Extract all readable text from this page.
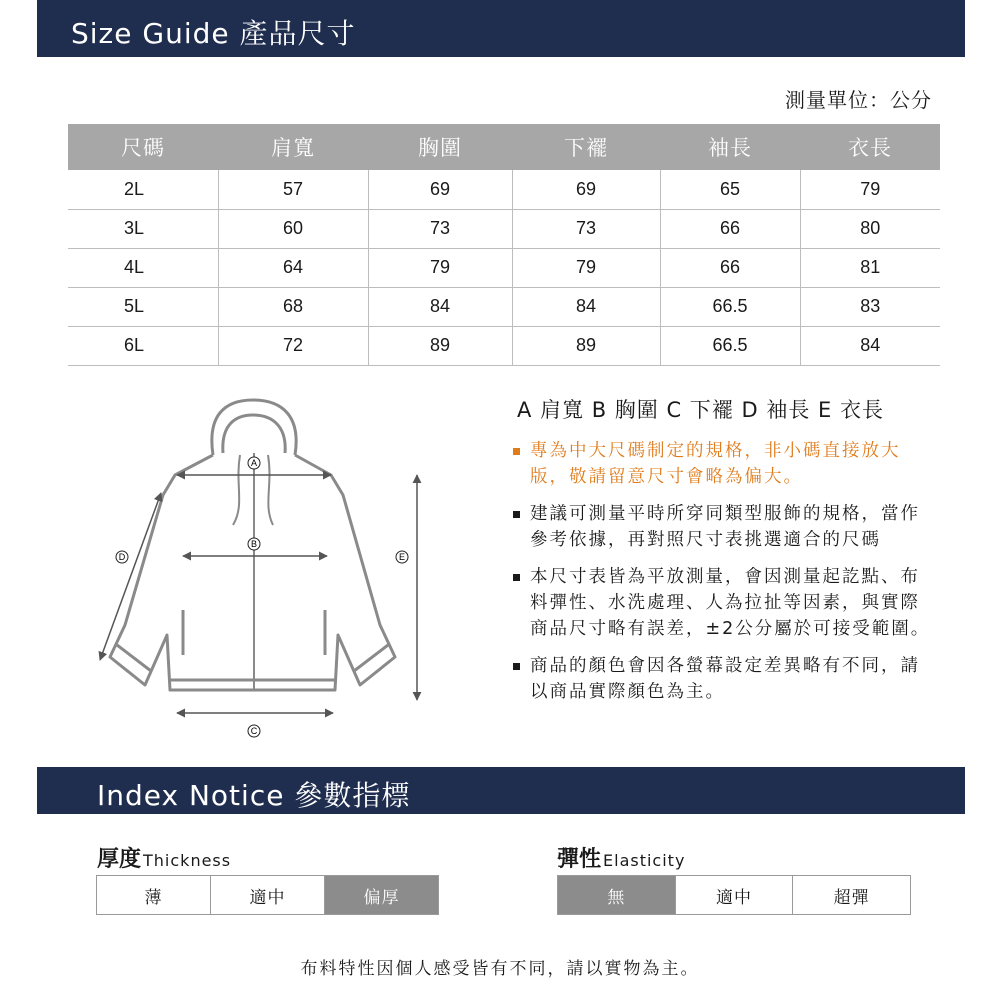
Size Guide 產品尺寸
測量單位：公分
尺碼	肩寬	胸圍	下襬	袖長	衣長
2L	57	69	69	65	79
3L	60	73	73	66	80
4L	64	79	79	66	81
5L	68	84	84	66.5	83
6L	72	89	89	66.5	84
A
B
C
D	E
A 肩寬 B 胸圍 C 下襬 D 袖長 E 衣長
專為中大尺碼制定的規格，非小碼直接放大版，敬請留意尺寸會略為偏大。
建議可測量平時所穿同類型服飾的規格，當作參考依據，再對照尺寸表挑選適合的尺碼
本尺寸表皆為平放測量，會因測量起訖點、布料彈性、水洗處理、人為拉扯等因素，與實際商品尺寸略有誤差，±2公分屬於可接受範圍。
商品的顏色會因各螢幕設定差異略有不同，請以商品實際顏色為主。
Index Notice 參數指標
厚度 Thickness
薄	適中	偏厚
彈性 Elasticity
無	適中	超彈
布料特性因個人感受皆有不同，請以實物為主。
